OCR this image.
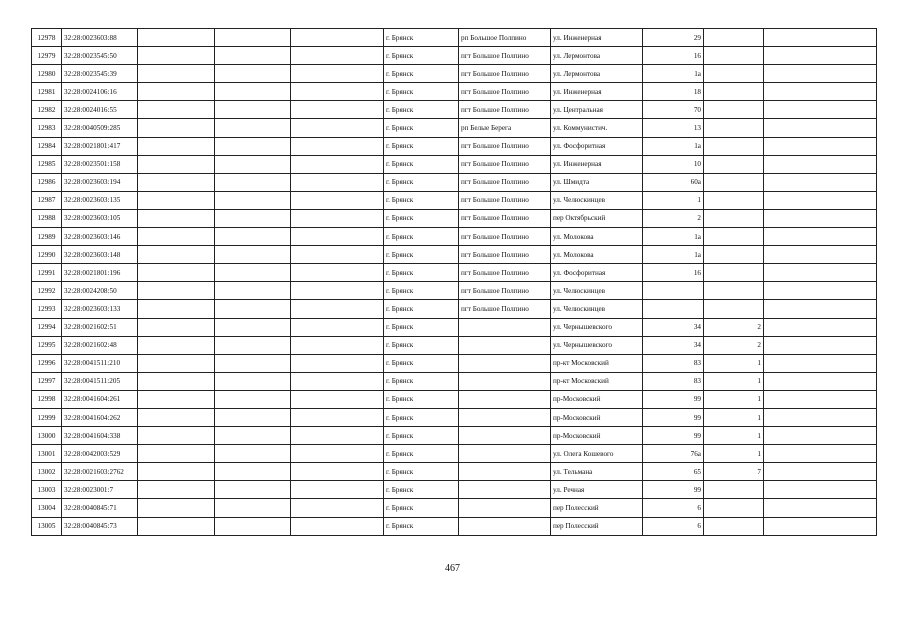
12978	32:28:0023603:88				г. Брянск	рп Большое Полпино	ул. Инженерная	29		
12979	32:28:0023545:50				г. Брянск	пгт Большое Полпино	ул. Лермонтова	16		
12980	32:28:0023545:39				г. Брянск	пгт Большое Полпино	ул. Лермонтова	1а		
12981	32:28:0024106:16				г. Брянск	пгт Большое Полпино	ул. Инженерная	18		
12982	32:28:0024016:55				г. Брянск	пгт Большое Полпино	ул. Центральная	70		
12983	32:28:0040509:285				г. Брянск	рп Белые Берега	ул. Коммунистич.	13		
12984	32:28:0021801:417				г. Брянск	пгт Большое Полпино	ул. Фосфоритная	1а		
12985	32:28:0023501:158				г. Брянск	пгт Большое Полпино	ул. Инженерная	10		
12986	32:28:0023603:194				г. Брянск	пгт Большое Полпино	ул. Шмидта	60а		
12987	32:28:0023603:135				г. Брянск	пгт Большое Полпино	ул. Челюскинцев	1		
12988	32:28:0023603:105				г. Брянск	пгт Большое Полпино	пер Октябрьский	2		
12989	32:28:0023603:146				г. Брянск	пгт Большое Полпино	ул. Молокова	1а		
12990	32:28:0023603:148				г. Брянск	пгт Большое Полпино	ул. Молокова	1а		
12991	32:28:0021801:196				г. Брянск	пгт Большое Полпино	ул. Фосфоритная	16		
12992	32:28:0024208:50				г. Брянск	пгт Большое Полпино	ул. Челюскинцев			
12993	32:28:0023603:133				г. Брянск	пгт Большое Полпино	ул. Челюскинцев			
12994	32:28:0021602:51				г. Брянск		ул. Чернышевского	34	2	
12995	32:28:0021602:48				г. Брянск		ул. Чернышевского	34	2	
12996	32:28:0041511:210				г. Брянск		пр-кт Московский	83	1	
12997	32:28:0041511:205				г. Брянск		пр-кт Московский	83	1	
12998	32:28:0041604:261				г. Брянск		пр-Московский	99	1	
12999	32:28:0041604:262				г. Брянск		пр-Московский	99	1	
13000	32:28:0041604:338				г. Брянск		пр-Московский	99	1	
13001	32:28:0042003:529				г. Брянск		ул. Олега Кошевого	76а	1	
13002	32:28:0021603:2762				г. Брянск		ул. Тельмана	65	7	
13003	32:28:0023001:7				г. Брянск		ул. Речная	99		
13004	32:28:0040845:71				г. Брянск		пер Полесский	6		
13005	32:28:0040845:73				г. Брянск		пер Полесский	6		
467
